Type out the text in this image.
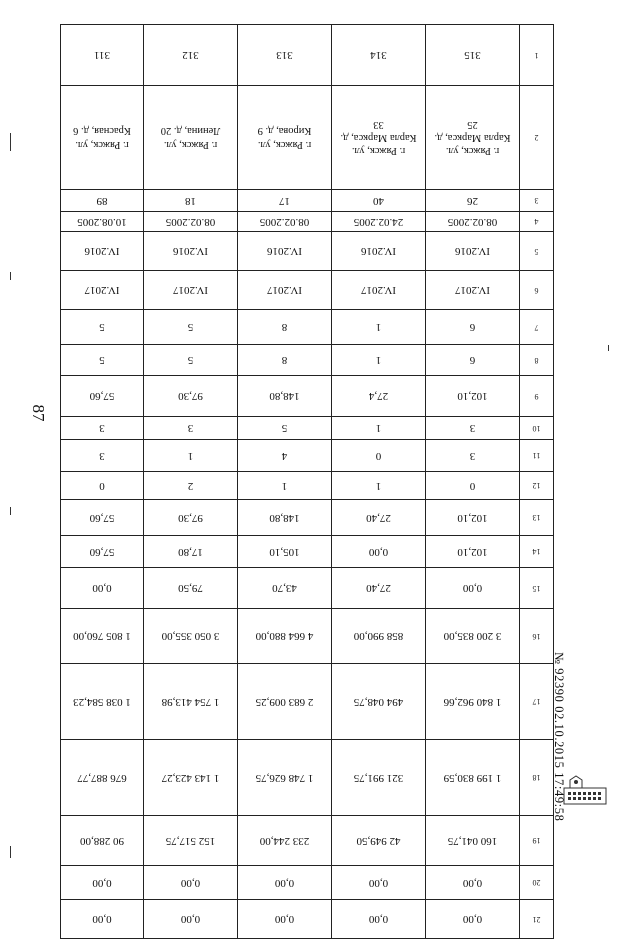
87
21	0,00	0,00	0,00	0,00	0,00
20	0,00	0,00	0,00	0,00	0,00
19	160 041,75	42 949,50	233 244,00	152 517,75	90 288,00
18	1 199 830,59	321 991,75	1 748 626,75	1 143 423,27	676 887,77
17	1 840 962,66	494 048,75	2 683 009,25	1 754 413,98	1 038 584,23
16	3 200 835,00	858 990,00	4 664 880,00	3 050 355,00	1 805 760,00
15	0,00	27,40	43,70	79,50	0,00
14	102,10	0,00	105,10	17,80	57,60
13	102,10	27,40	148,80	97,30	57,60
12	0	1	1	2	0
11	3	0	4	1	3
10	3	1	5	3	3
9	102,10	27,4	148,80	97,30	57,60
8	6	1	8	5	5
7	6	1	8	5	5
6	IV.2017	IV.2017	IV.2017	IV.2017	IV.2017
5	IV.2016	IV.2016	IV.2016	IV.2016	IV.2016
4	08.02.2005	24.02.2005	08.02.2005	08.02.2005	10.08.2005
3	26	40	17	18	89
2	г. Ряжск, ул. Карла Маркса, д. 25	г. Ряжск, ул. Карла Маркса, д. 33	г. Ряжск, ул. Кирова, д. 9	г. Ряжск, ул. Ленина, д. 20	г. Ряжск, ул. Красная, д. 6
1	315	314	313	312	311
№ 92390 02.10.2015 17:49:58
